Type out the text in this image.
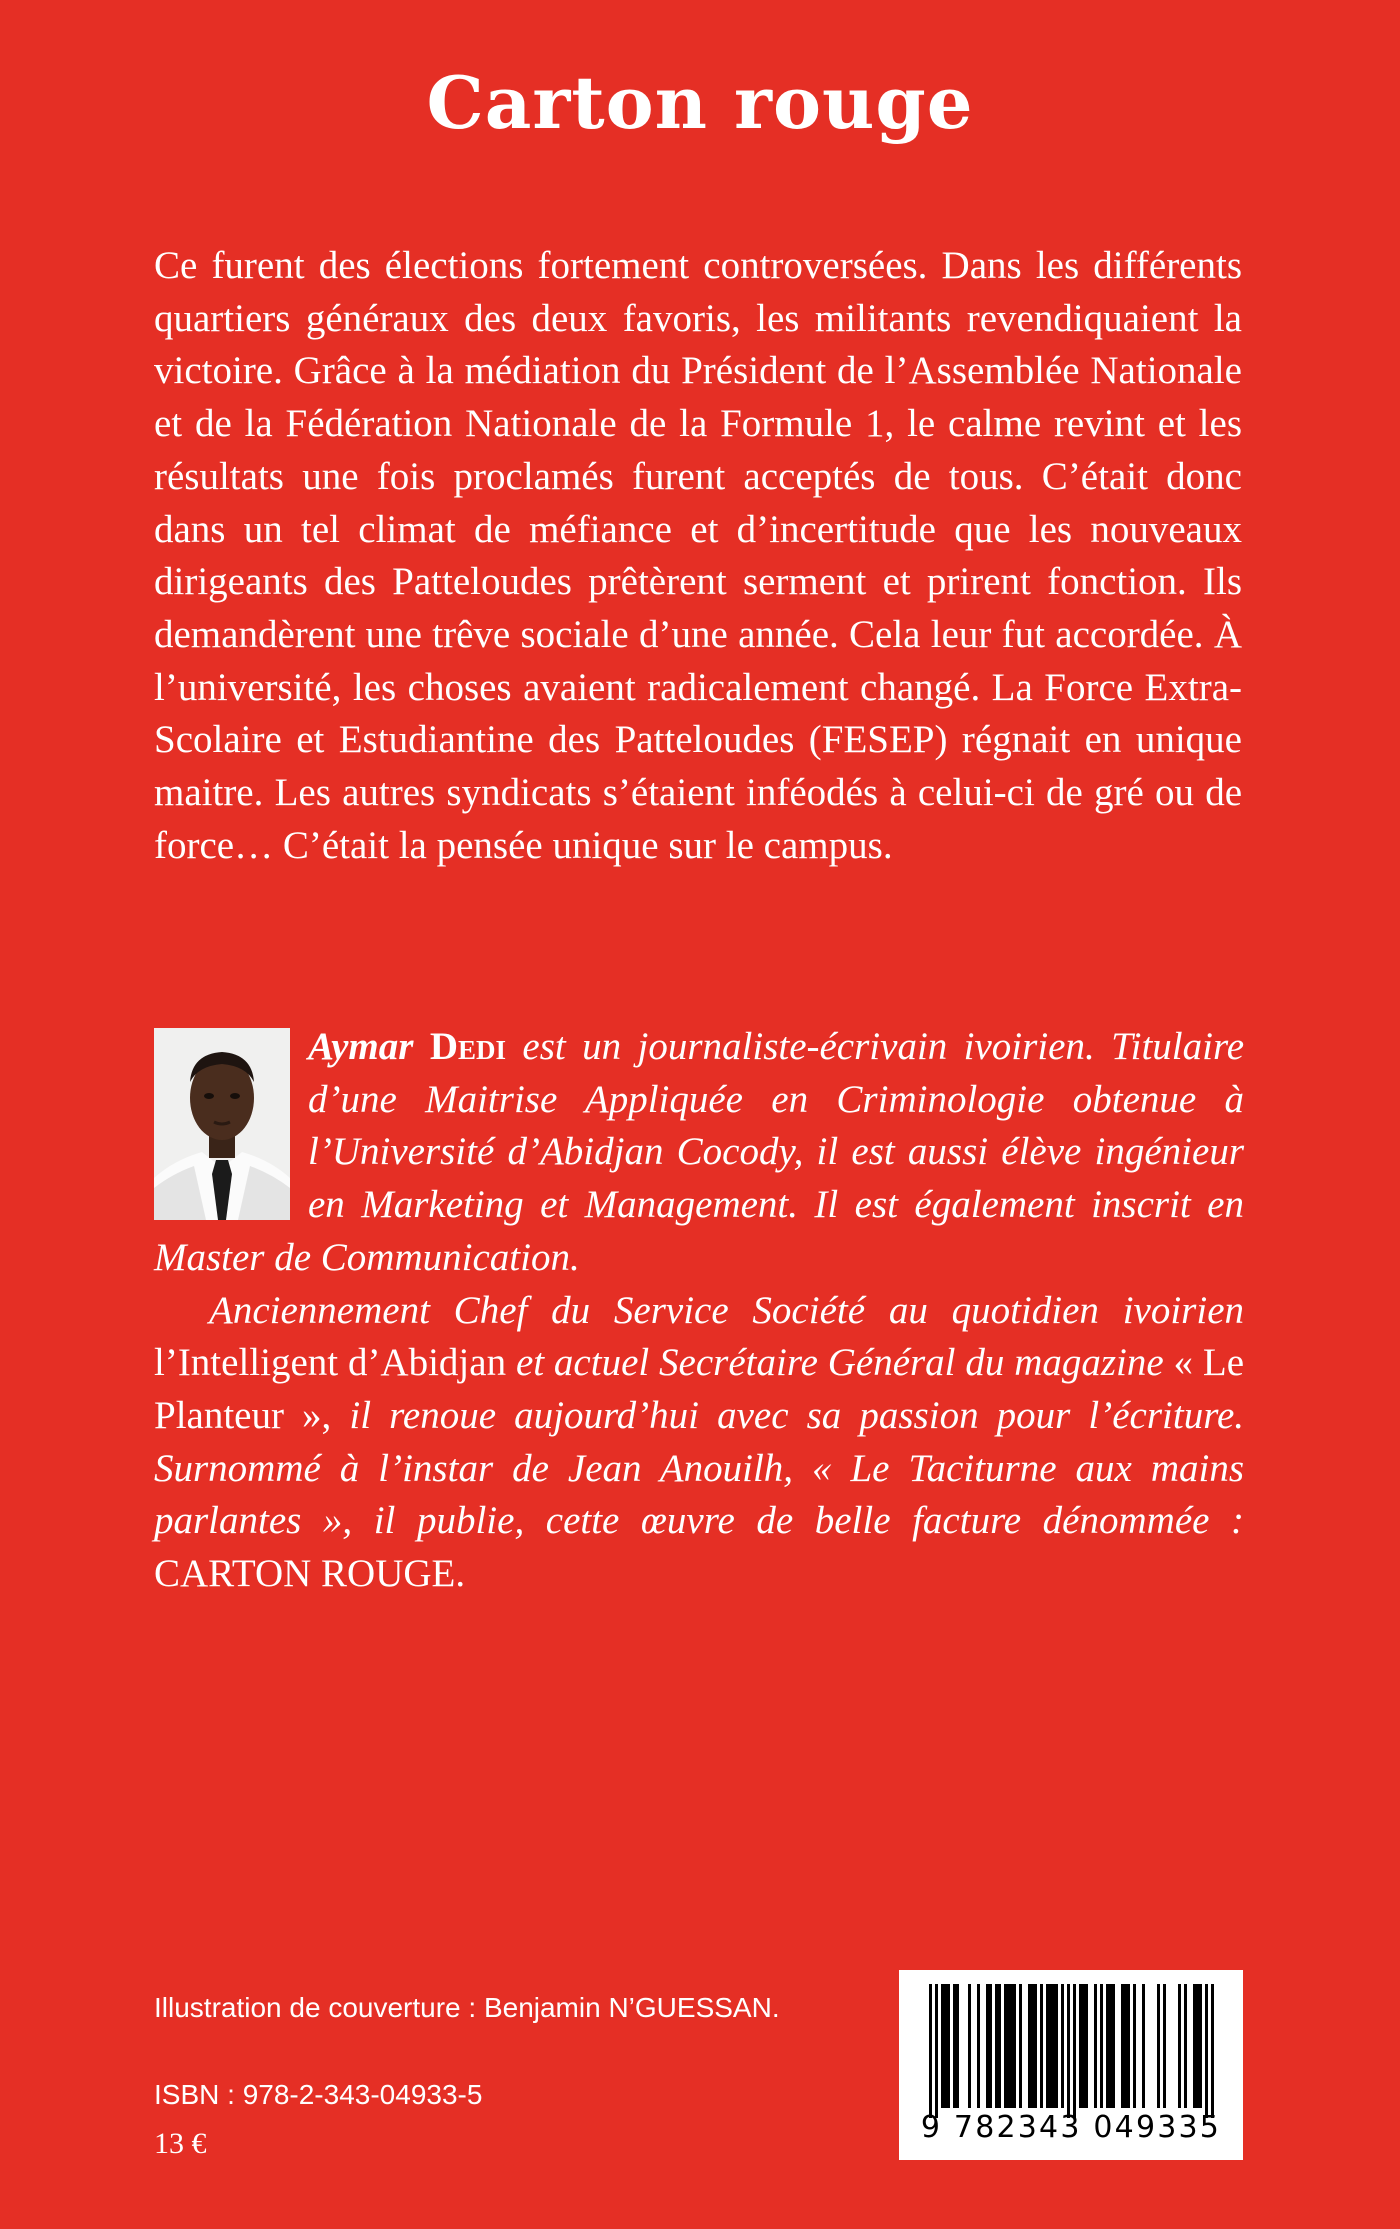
Carton rouge

Ce furent des élections fortement controversées. Dans les différents quartiers généraux des deux favoris, les militants revendiquaient la victoire. Grâce à la médiation du Président de l’Assemblée Nationale et de la Fédération Nationale de la Formule 1, le calme revint et les résultats une fois proclamés furent acceptés de tous. C’était donc dans un tel climat de méfiance et d’incertitude que les nouveaux dirigeants des Patteloudes prêtèrent serment et prirent fonction. Ils demandèrent une trêve sociale d’une année. Cela leur fut accordée. À l’université, les choses avaient radicalement changé. La Force Extra-Scolaire et Estudiantine des Patteloudes (FESEP) régnait en unique maitre. Les autres syndicats s’étaient inféodés à celui-ci de gré ou de force… C’était la pensée unique sur le campus.

Aymar Dedi est un journaliste-écrivain ivoirien. Titulaire d’une Maitrise Appliquée en Criminologie obtenue à l’Université d’Abidjan Cocody, il est aussi élève ingénieur en Marketing et Management. Il est également inscrit en Master de Communication.

Anciennement Chef du Service Société au quotidien ivoirien l’Intelligent d’Abidjan et actuel Secrétaire Général du magazine « Le Planteur », il renoue aujourd’hui avec sa passion pour l’écriture. Surnommé à l’instar de Jean Anouilh, « Le Taciturne aux mains parlantes », il publie, cette œuvre de belle facture dénommée : CARTON ROUGE.

Illustration de couverture : Benjamin N’GUESSAN.
ISBN : 978-2-343-04933-5
13 €	9 782343 049335
